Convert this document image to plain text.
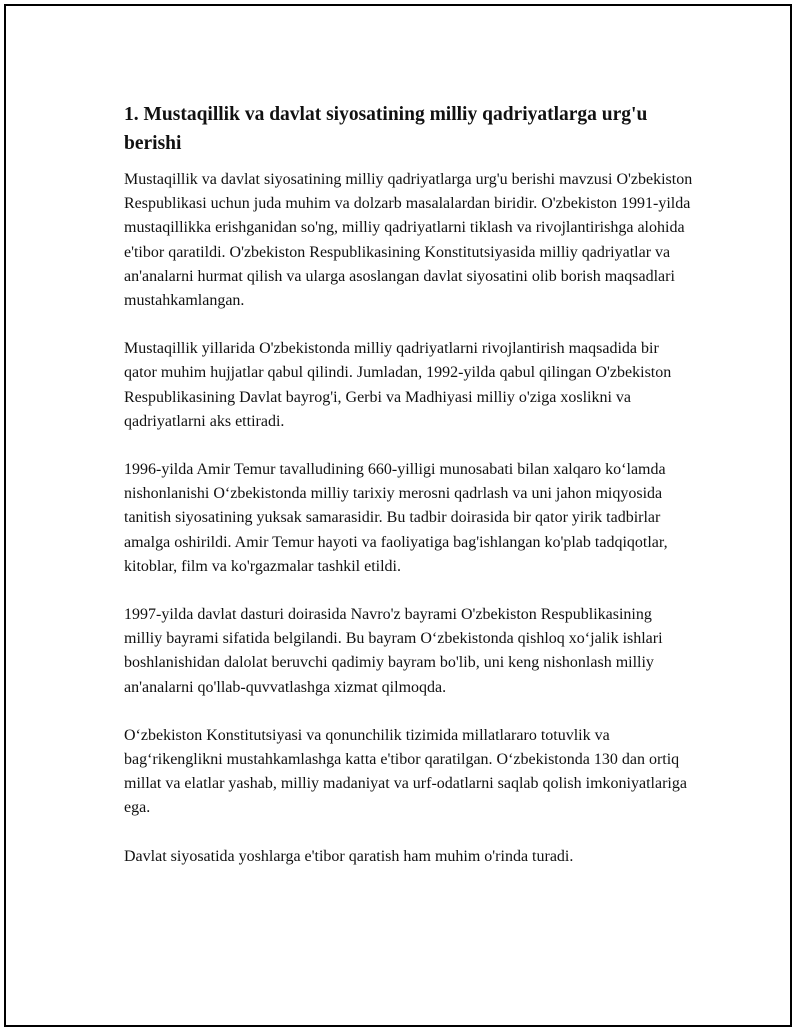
1. Mustaqillik va davlat siyosatining milliy qadriyatlarga urg'u berishi

Mustaqillik va davlat siyosatining milliy qadriyatlarga urg'u berishi mavzusi O'zbekiston Respublikasi uchun juda muhim va dolzarb masalalardan biridir. O'zbekiston 1991-yilda mustaqillikka erishganidan so'ng, milliy qadriyatlarni tiklash va rivojlantirishga alohida e'tibor qaratildi. O'zbekiston Respublikasining Konstitutsiyasida milliy qadriyatlar va an'analarni hurmat qilish va ularga asoslangan davlat siyosatini olib borish maqsadlari mustahkamlangan.

Mustaqillik yillarida O'zbekistonda milliy qadriyatlarni rivojlantirish maqsadida bir qator muhim hujjatlar qabul qilindi. Jumladan, 1992-yilda qabul qilingan O'zbekiston Respublikasining Davlat bayrog'i, Gerbi va Madhiyasi milliy o'ziga xoslikni va qadriyatlarni aks ettiradi.

1996-yilda Amir Temur tavalludining 660-yilligi munosabati bilan xalqaro ko‘lamda nishonlanishi O‘zbekistonda milliy tarixiy merosni qadrlash va uni jahon miqyosida tanitish siyosatining yuksak samarasidir. Bu tadbir doirasida bir qator yirik tadbirlar amalga oshirildi. Amir Temur hayoti va faoliyatiga bag'ishlangan ko'plab tadqiqotlar, kitoblar, film va ko'rgazmalar tashkil etildi.

1997-yilda davlat dasturi doirasida Navro'z bayrami O'zbekiston Respublikasining milliy bayrami sifatida belgilandi. Bu bayram O‘zbekistonda qishloq xo‘jalik ishlari boshlanishidan dalolat beruvchi qadimiy bayram bo'lib, uni keng nishonlash milliy an'analarni qo'llab-quvvatlashga xizmat qilmoqda.

O‘zbekiston Konstitutsiyasi va qonunchilik tizimida millatlararo totuvlik va bag‘rikenglikni mustahkamlashga katta e'tibor qaratilgan. O‘zbekistonda 130 dan ortiq millat va elatlar yashab, milliy madaniyat va urf-odatlarni saqlab qolish imkoniyatlariga ega.

Davlat siyosatida yoshlarga e'tibor qaratish ham muhim o'rinda turadi.
